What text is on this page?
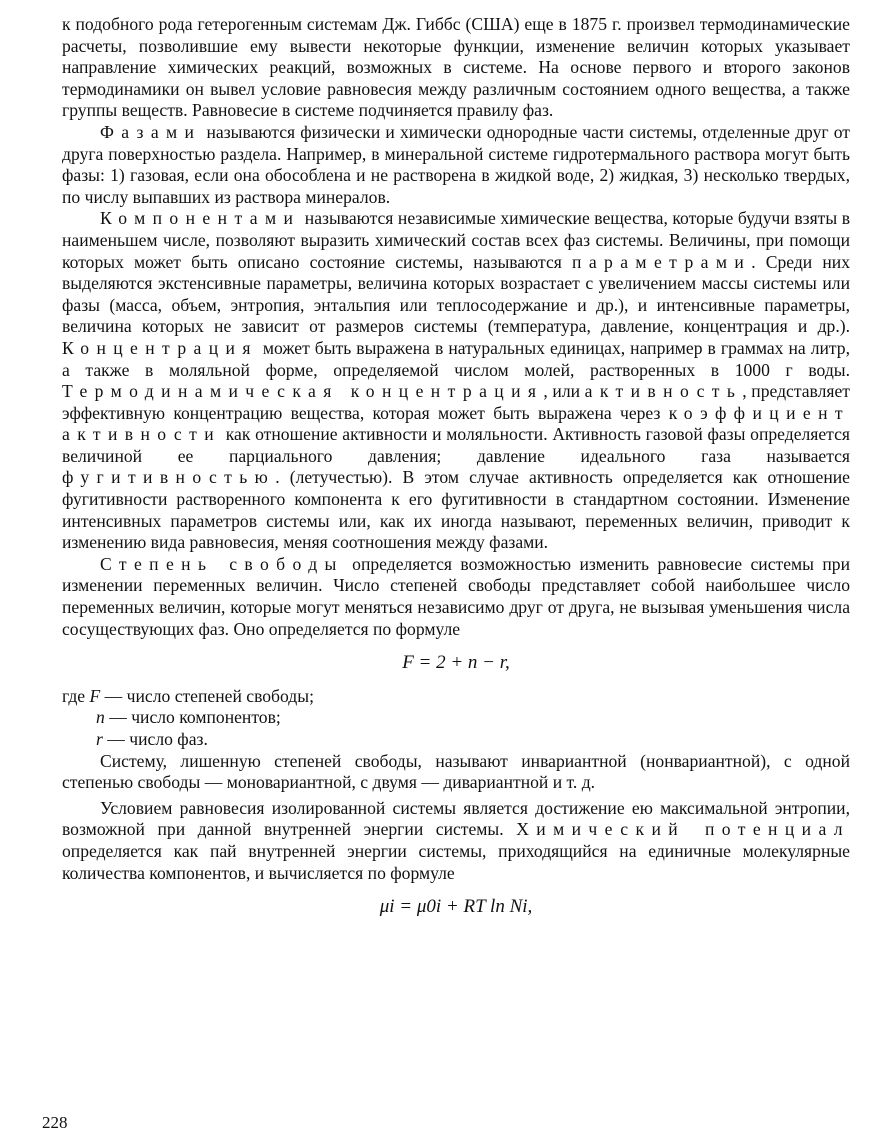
к подобного рода гетерогенным системам Дж. Гиббс (США) еще в 1875 г. произвел термодинамические расчеты, позволившие ему вывести некоторые функции, изменение величин которых указывает направление химических реакций, возможных в системе. На основе первого и второго законов термодинамики он вывел условие равновесия между различным состоянием одного вещества, а также группы веществ. Равновесие в системе подчиняется правилу фаз.

Фазами называются физически и химически однородные части системы, отделенные друг от друга поверхностью раздела. Например, в минеральной системе гидротермального раствора могут быть фазы: 1) газовая, если она обособлена и не растворена в жидкой воде, 2) жидкая, 3) несколько твердых, по числу выпавших из раствора минералов.

Компонентами называются независимые химические вещества, которые будучи взяты в наименьшем числе, позволяют выразить химический состав всех фаз системы. Величины, при помощи которых может быть описано состояние системы, называются параметрами. Среди них выделяются экстенсивные параметры, величина которых возрастает с увеличением массы системы или фазы (масса, объем, энтропия, энтальпия или теплосодержание и др.), и интенсивные параметры, величина которых не зависит от размеров системы (температура, давление, концентрация и др.). Концентрация может быть выражена в натуральных единицах, например в граммах на литр, а также в моляльной форме, определяемой числом молей, растворенных в 1000 г воды. Термодинамическая концентрация, или активность, представляет эффективную концентрацию вещества, которая может быть выражена через коэффициент активности как отношение активности и моляльности. Активность газовой фазы определяется величиной ее парциального давления; давление идеального газа называется фугитивностью. (летучестью). В этом случае активность определяется как отношение фугитивности растворенного компонента к его фугитивности в стандартном состоянии. Изменение интенсивных параметров системы или, как их иногда называют, переменных величин, приводит к изменению вида равновесия, меняя соотношения между фазами.

Степень свободы определяется возможностью изменить равновесие системы при изменении переменных величин. Число степеней свободы представляет собой наибольшее число переменных величин, которые могут меняться независимо друг от друга, не вызывая уменьшения числа сосуществующих фаз. Оно определяется по формуле

F = 2 + n − r,
где F — число степеней свободы;
n — число компонентов;
r — число фаз.

Систему, лишенную степеней свободы, называют инвариантной (нонвариантной), с одной степенью свободы — моновариантной, с двумя — дивариантной и т. д.

Условием равновесия изолированной системы является достижение ею максимальной энтропии, возможной при данной внутренней энергии системы. Химический потенциал определяется как пай внутренней энергии системы, приходящийся на единичные молекулярные количества компонентов, и вычисляется по формуле

μi = μ0i + RT ln Ni,
228
